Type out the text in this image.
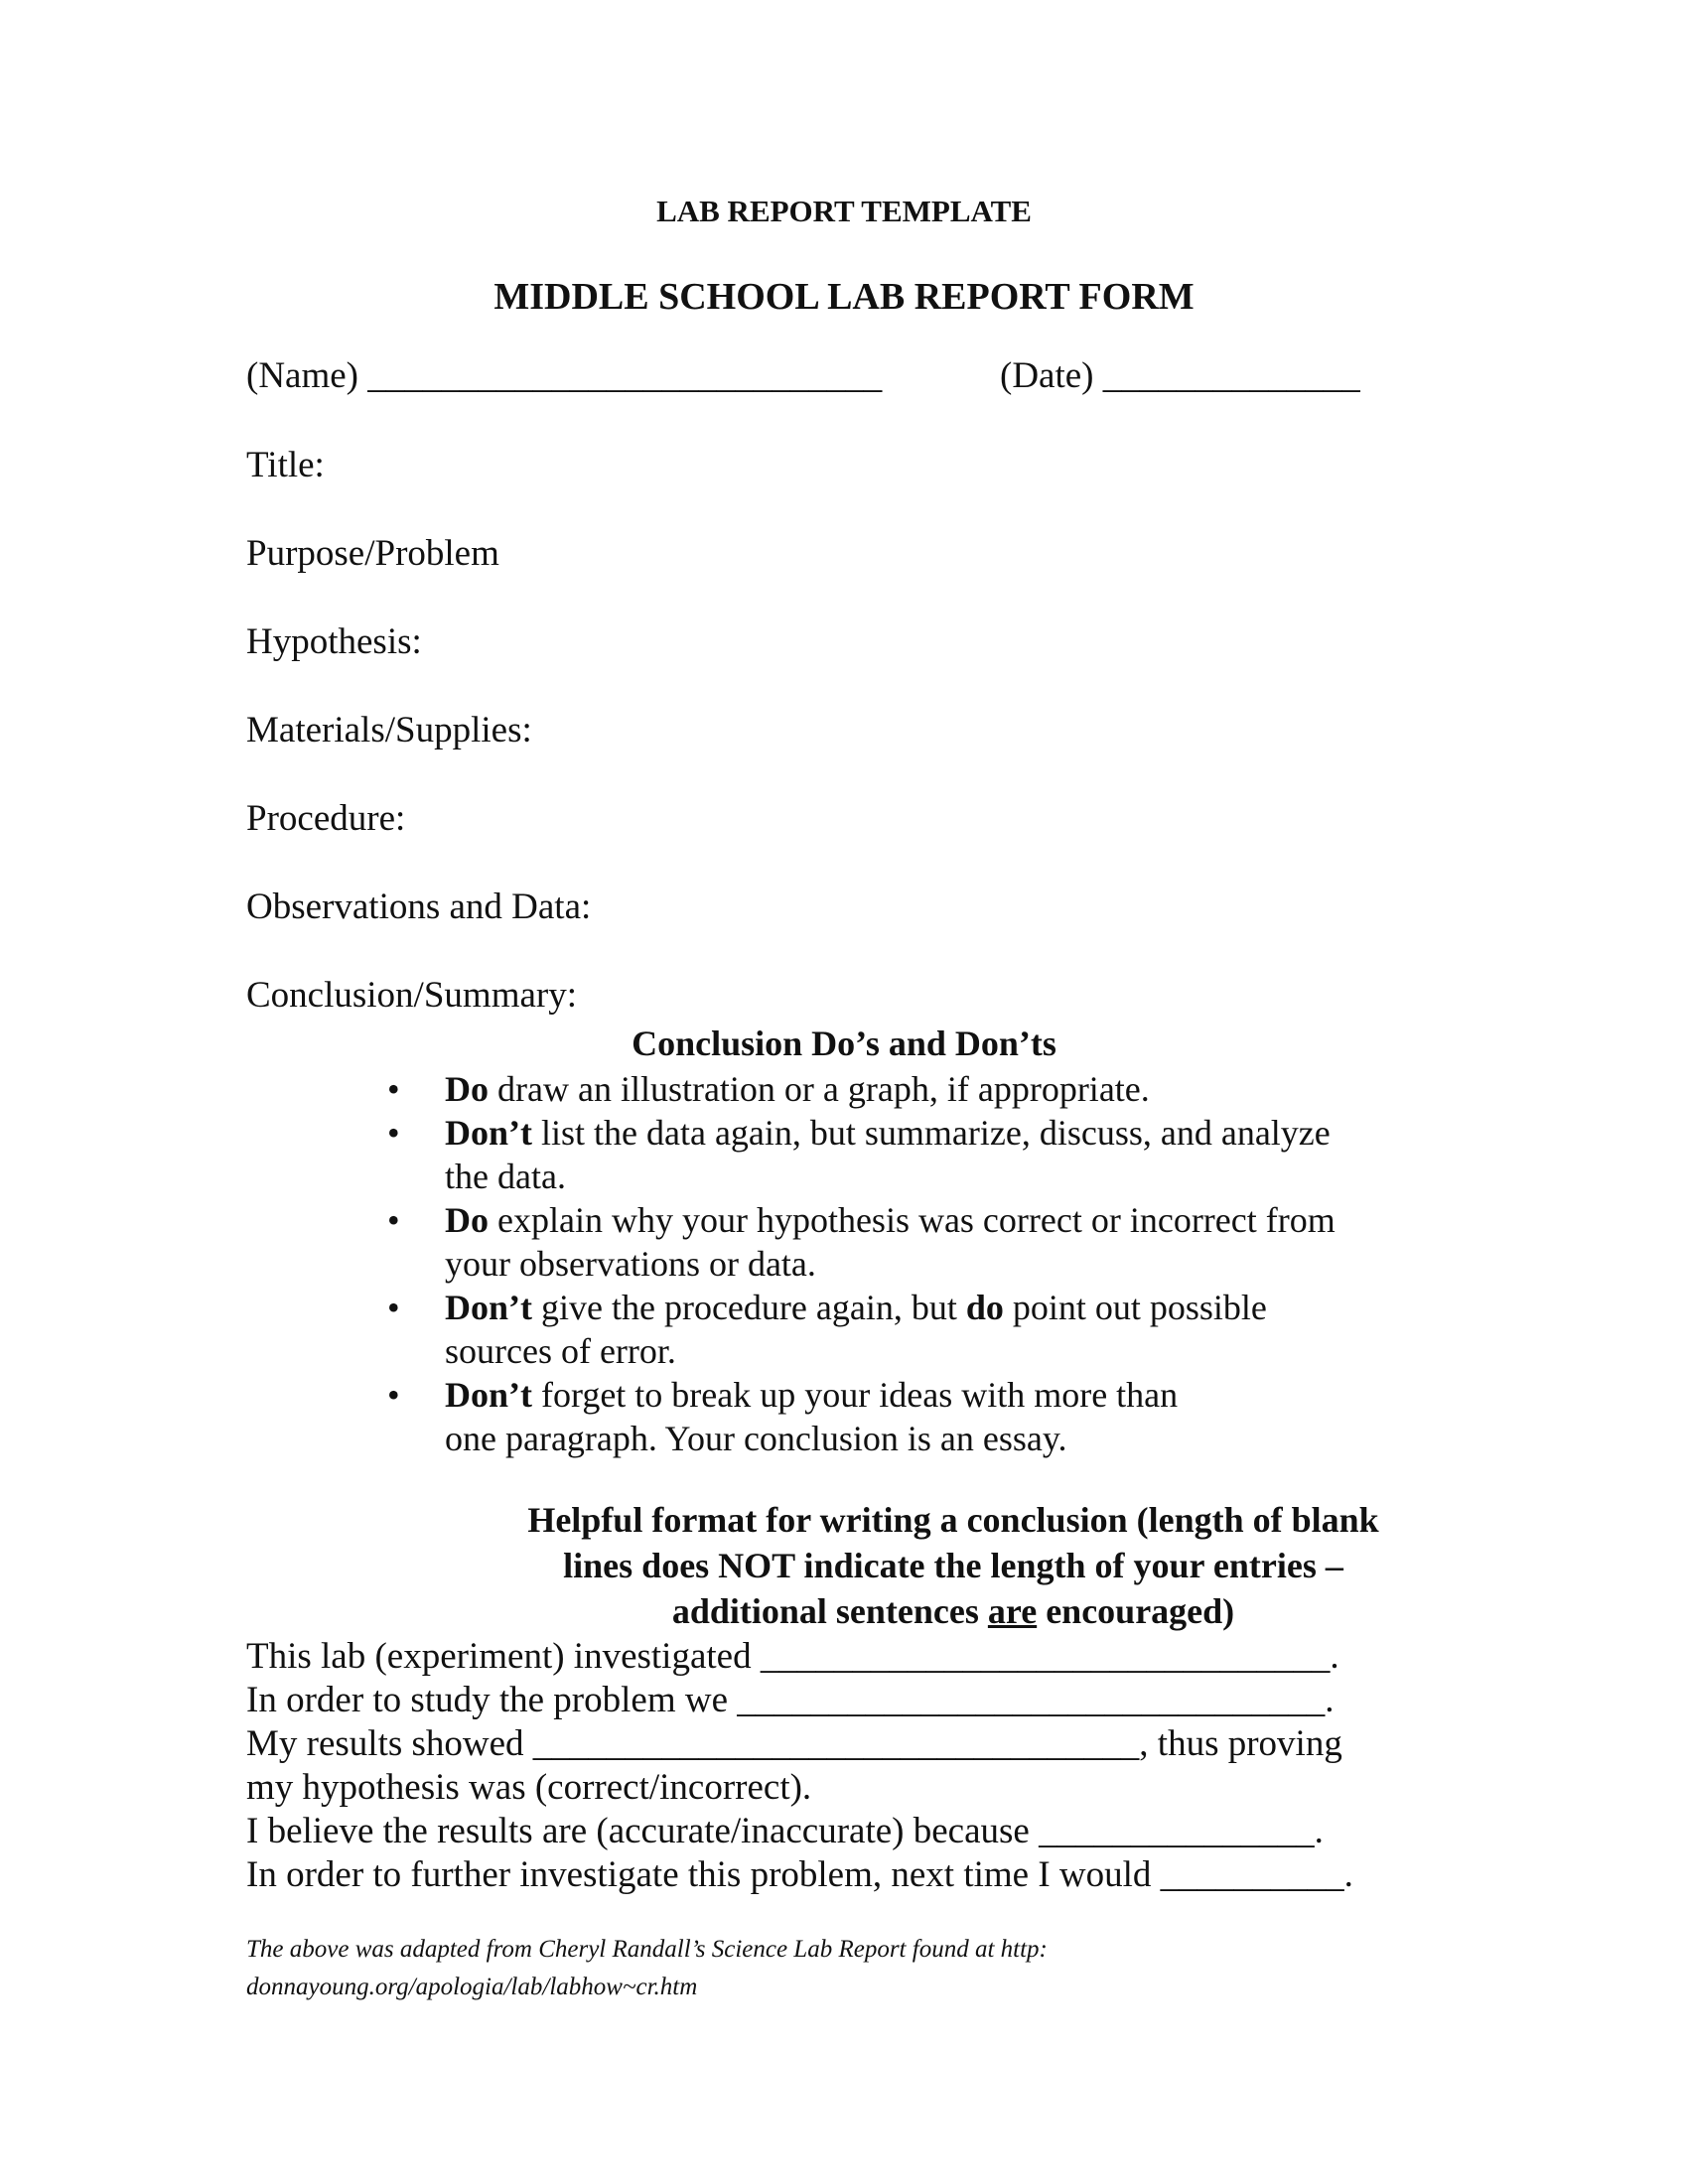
LAB REPORT TEMPLATE
MIDDLE SCHOOL LAB REPORT FORM
(Name) ____________________________	(Date) ______________
Title:
Purpose/Problem
Hypothesis:
Materials/Supplies:
Procedure:
Observations and Data:
Conclusion/Summary:
Conclusion Do’s and Don’ts
•	Do draw an illustration or a graph, if appropriate.
•	Don’t list the data again, but summarize, discuss, and analyze
the data.
•	Do explain why your hypothesis was correct or incorrect from
your observations or data.
•	Don’t give the procedure again, but do point out possible
sources of error.
•	Don’t forget to break up your ideas with more than
one paragraph. Your conclusion is an essay.
Helpful format for writing a conclusion (length of blank
lines does NOT indicate the length of your entries –
additional sentences are encouraged)
This lab (experiment) investigated _______________________________.
In order to study the problem we ________________________________.
My results showed _________________________________, thus proving
my hypothesis was (correct/incorrect).
I believe the results are (accurate/inaccurate) because _______________.
In order to further investigate this problem, next time I would __________.
The above was adapted from Cheryl Randall’s Science Lab Report found at http:
donnayoung.org/apologia/lab/labhow~cr.htm
